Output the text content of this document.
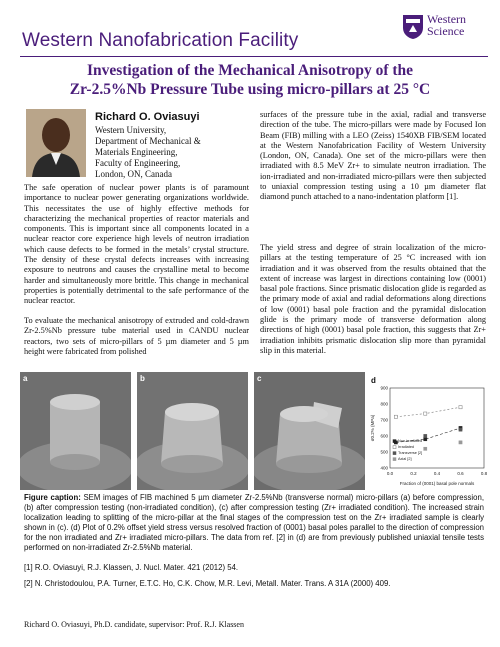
Western Nanofabrication Facility
Western
Science
Investigation of the Mechanical Anisotropy of the
Zr-2.5%Nb Pressure Tube using micro-pillars at 25 °C
Richard O. Oviasuyi
Western University,
Department of Mechanical &
Materials Engineering,
Faculty of Engineering,
London, ON, Canada
The safe operation of nuclear power plants is of paramount importance to nuclear power generating organizations worldwide. This necessitates the use of highly effective methods for characterizing the mechanical properties of reactor materials and components. This is important since all components located in a nuclear reactor core experience high levels of neutron irradiation which cause defects to be formed in the metals’ crystal structure. The density of these crystal defects increases with increasing exposure to neutrons and causes the crystalline metal to become harder and simultaneously more brittle. This change in mechanical properties is potentially detrimental to the safe performance of the nuclear reactor.
To evaluate the mechanical anisotropy of extruded and cold-drawn Zr-2.5%Nb pressure tube material used in CANDU nuclear reactors, two sets of micro-pillars of 5 µm diameter and 5 µm height were fabricated from polished
surfaces of the pressure tube in the axial, radial and transverse direction of the tube. The micro-pillars were made by Focused Ion Beam (FIB) milling with a LEO (Zeiss) 1540XB FIB/SEM located at the Western Nanofabrication Facility of Western University (London, ON, Canada). One set of the micro-pillars were then irradiated with 8.5 MeV Zr+ to simulate neutron irradiation. The ion-irradiated and non-irradiated micro-pillars were then subjected to uniaxial compression testing using a 10 µm diameter flat diamond punch attached to a nano-indentation platform [1].
The yield stress and degree of strain localization of the micro-pillars at the testing temperature of 25 °C increased with ion irradiation and it was observed from the results obtained that the extent of increase was largest in directions containing low (0001) basal pole fractions. Since prismatic dislocation glide is regarded as the primary mode of axial and radial deformations along directions of low (0001) basal pole fraction and the pyramidal dislocation glide is the primary mode of transverse deformation along directions of high (0001) basal pole fraction, this suggests that Zr+ irradiation inhibits prismatic dislocation slip more than pyramidal slip in this material.
a	b	c	d
0.0	0.2	0.4	0.6	0.8
400
500
600
700
800
900
Fraction of (0001) basal pole normals
σ0.2% (MPa)	Non-irradiated
Irradiated
Transverse [2]
Axial [2]
Figure caption: SEM images of FIB machined 5 µm diameter Zr-2.5%Nb (transverse normal) micro-pillars (a) before compression, (b) after compression testing (non-irradiated condition), (c) after compression testing (Zr+ irradiated condition). The increased strain localization leading to splitting of the micro-pillar at the final stages of the compression test on the Zr+ irradiated sample is clearly shown in (c). (d) Plot of 0.2% offset yield stress versus resolved fraction of (0001) basal poles parallel to the direction of compression for the non irradiated and Zr+ irradiated micro-pillars. The data from ref. [2] in (d) are from previously published uniaxial tensile tests performed on non-irradiated Zr-2.5%Nb material.
[1] R.O. Oviasuyi, R.J. Klassen, J. Nucl. Mater. 421 (2012) 54.
[2] N. Christodoulou, P.A. Turner, E.T.C. Ho, C.K. Chow, M.R. Levi, Metall. Mater. Trans. A 31A (2000) 409.
Richard O. Oviasuyi, Ph.D. candidate, supervisor: Prof. R.J. Klassen
